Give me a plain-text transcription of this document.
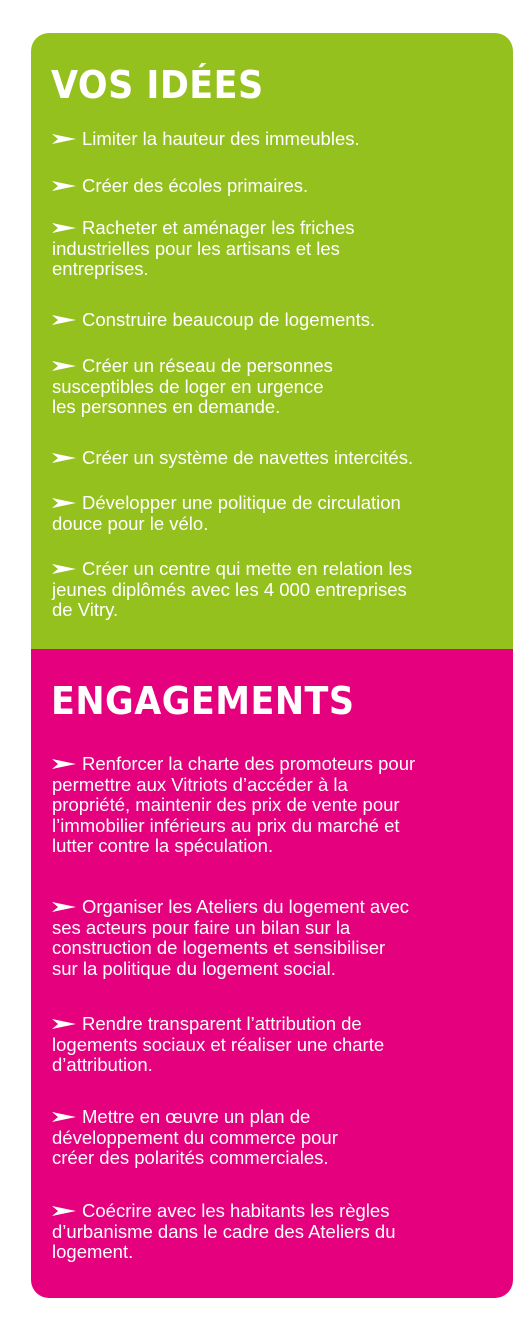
VOS IDÉES
Limiter la hauteur des immeubles.
Créer des écoles primaires.
Racheter et aménager les friches
industrielles pour les artisans et les
entreprises.
Construire beaucoup de logements.
Créer un réseau de personnes
susceptibles de loger en urgence
les personnes en demande.
Créer un système de navettes intercités.
Développer une politique de circulation
douce pour le vélo.
Créer un centre qui mette en relation les
jeunes diplômés avec les 4 000 entreprises
de Vitry.
ENGAGEMENTS
Renforcer la charte des promoteurs pour
permettre aux Vitriots d’accéder à la
propriété, maintenir des prix de vente pour
l’immobilier inférieurs au prix du marché et
lutter contre la spéculation.
Organiser les Ateliers du logement avec
ses acteurs pour faire un bilan sur la
construction de logements et sensibiliser
sur la politique du logement social.
Rendre transparent l’attribution de
logements sociaux et réaliser une charte
d’attribution.
Mettre en œuvre un plan de
développement du commerce pour
créer des polarités commerciales.
Coécrire avec les habitants les règles
d’urbanisme dans le cadre des Ateliers du
logement.
